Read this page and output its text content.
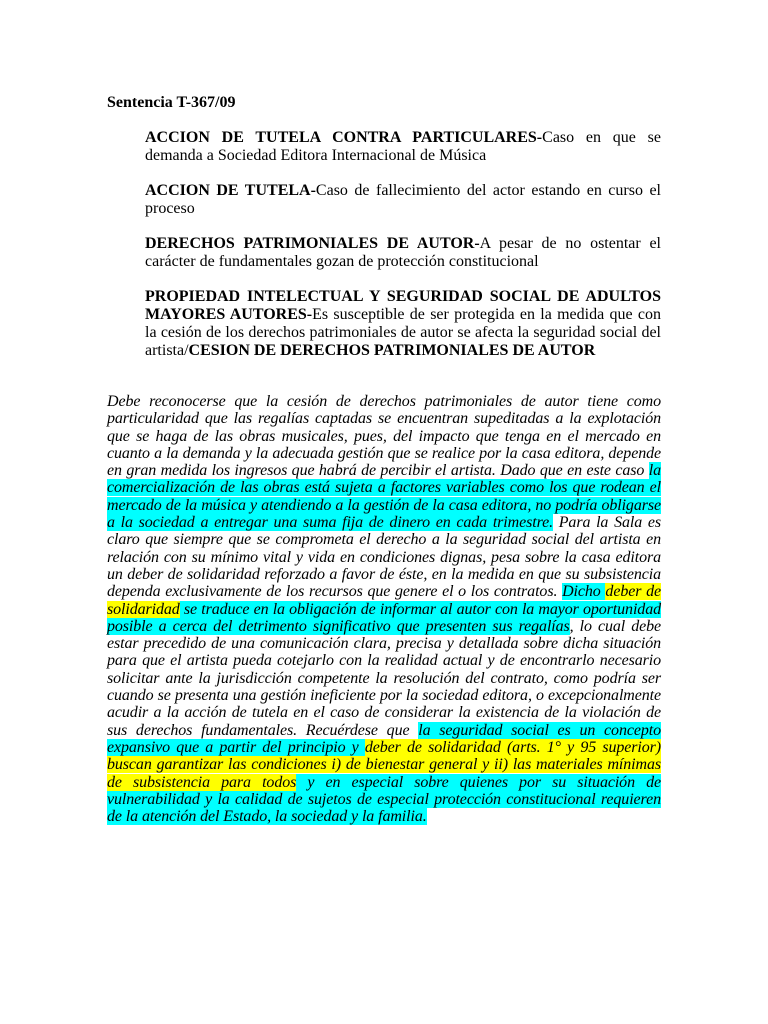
Sentencia T-367/09

ACCION DE TUTELA CONTRA PARTICULARES-Caso en que se demanda a Sociedad Editora Internacional de Música

ACCION DE TUTELA-Caso de fallecimiento del actor estando en curso el proceso

DERECHOS PATRIMONIALES DE AUTOR-A pesar de no ostentar el carácter de fundamentales gozan de protección constitucional

PROPIEDAD INTELECTUAL Y SEGURIDAD SOCIAL DE ADULTOS MAYORES AUTORES-Es susceptible de ser protegida en la medida que con la cesión de los derechos patrimoniales de autor se afecta la seguridad social del artista/CESION DE DERECHOS PATRIMONIALES DE AUTOR

Debe reconocerse que la cesión de derechos patrimoniales de autor tiene como particularidad que las regalías captadas se encuentran supeditadas a la explotación que se haga de las obras musicales, pues, del impacto que tenga en el mercado en cuanto a la demanda y la adecuada gestión que se realice por la casa editora, depende en gran medida los ingresos que habrá de percibir el artista. Dado que en este caso la comercialización de las obras está sujeta a factores variables como los que rodean el mercado de la música y atendiendo a la gestión de la casa editora, no podría obligarse a la sociedad a entregar una suma fija de dinero en cada trimestre. Para la Sala es claro que siempre que se comprometa el derecho a la seguridad social del artista en relación con su mínimo vital y vida en condiciones dignas, pesa sobre la casa editora un deber de solidaridad reforzado a favor de éste, en la medida en que su subsistencia dependa exclusivamente de los recursos que genere el o los contratos. Dicho deber de solidaridad se traduce en la obligación de informar al autor con la mayor oportunidad posible a cerca del detrimento significativo que presenten sus regalías, lo cual debe estar precedido de una comunicación clara, precisa y detallada sobre dicha situación para que el artista pueda cotejarlo con la realidad actual y de encontrarlo necesario solicitar ante la jurisdicción competente la resolución del contrato, como podría ser cuando se presenta una gestión ineficiente por la sociedad editora, o excepcionalmente acudir a la acción de tutela en el caso de considerar la existencia de la violación de sus derechos fundamentales. Recuérdese que la seguridad social es un concepto expansivo que a partir del principio y deber de solidaridad (arts. 1° y 95 superior) buscan garantizar las condiciones i) de bienestar general y ii) las materiales mínimas de subsistencia para todos y en especial sobre quienes por su situación de vulnerabilidad y la calidad de sujetos de especial protección constitucional requieren de la atención del Estado, la sociedad y la familia.
